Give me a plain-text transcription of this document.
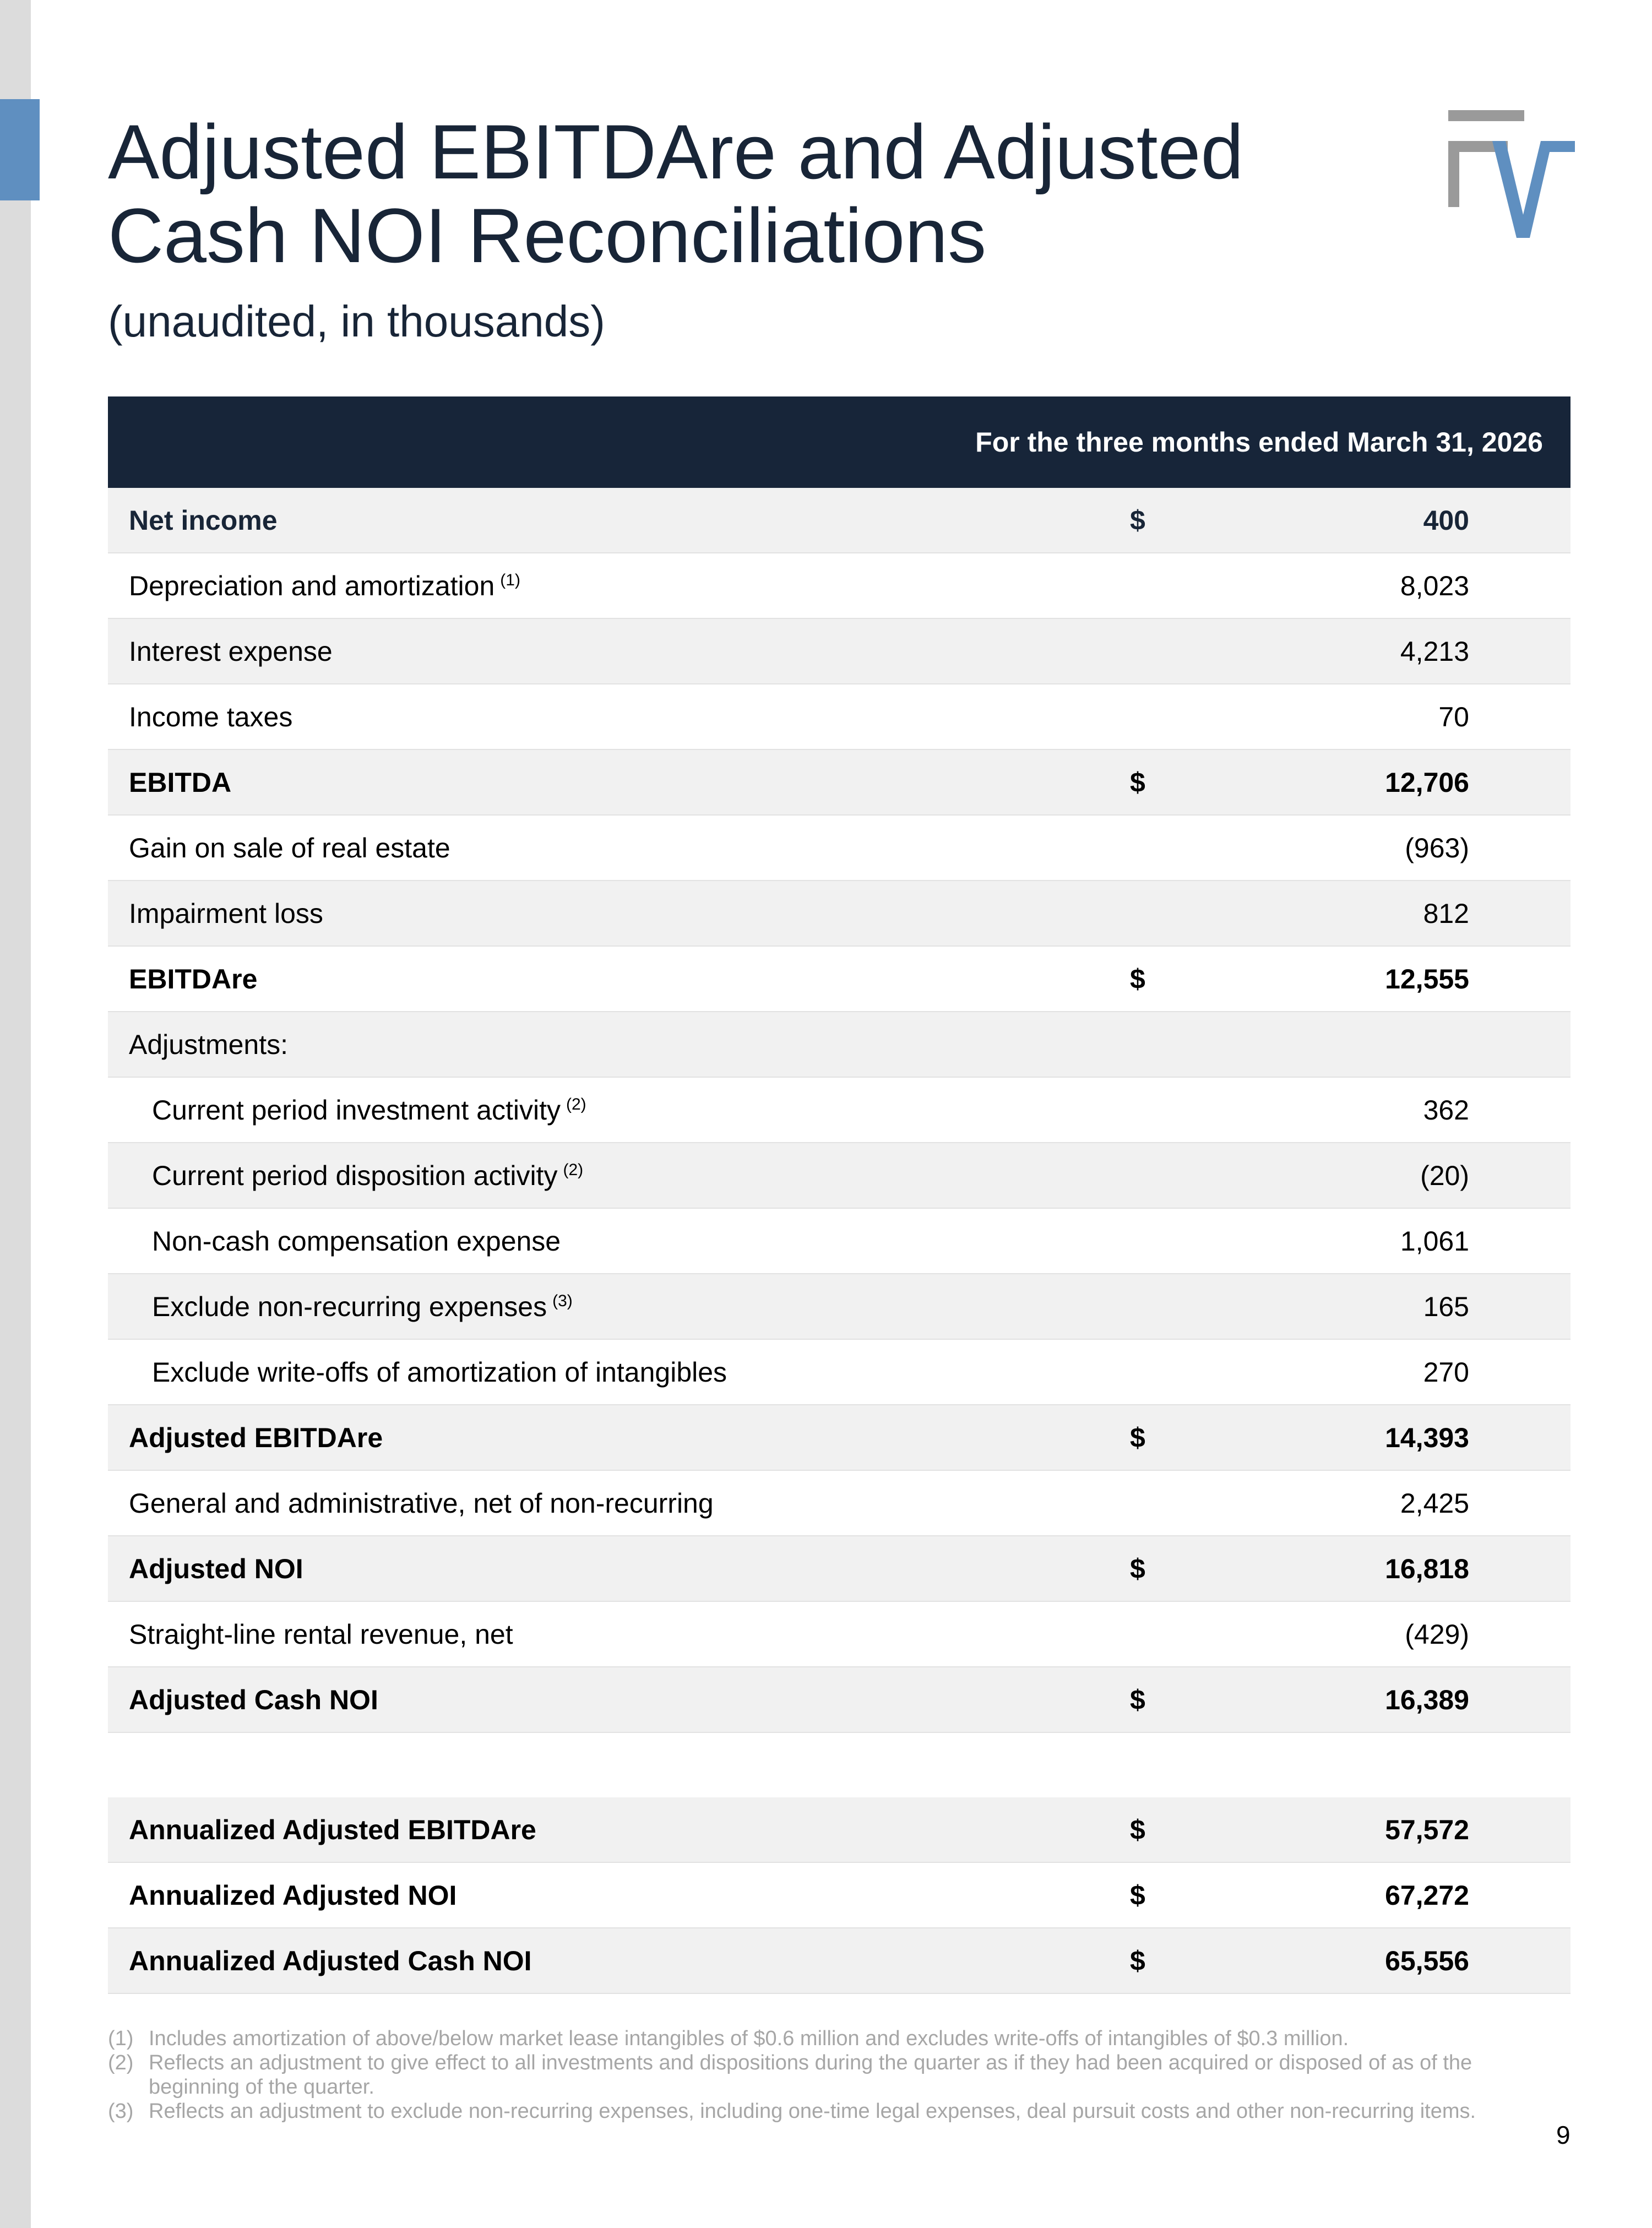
Adjusted EBITDAre and Adjusted
Cash NOI Reconciliations
(unaudited, in thousands)
For the three months ended March 31, 2026
Net income	$	400
Depreciation and amortization $^{(1)}$	8,023
Interest expense	4,213
Income taxes	70
EBITDA	$	12,706
Gain on sale of real estate	(963)
Impairment loss	812
EBITDAre	$	12,555
Adjustments:
Current period investment activity $^{(2)}$	362
Current period disposition activity $^{(2)}$	(20)
Non-cash compensation expense	1,061
Exclude non-recurring expenses $^{(3)}$	165
Exclude write-offs of amortization of intangibles	270
Adjusted EBITDAre	$	14,393
General and administrative, net of non-recurring	2,425
Adjusted NOI	$	16,818
Straight-line rental revenue, net	(429)
Adjusted Cash NOI	$	16,389
Annualized Adjusted EBITDAre	$	57,572
Annualized Adjusted NOI	$	67,272
Annualized Adjusted Cash NOI	$	65,556
(1) Includes amortization of above/below market lease intangibles of $0.6 million and excludes write-offs of intangibles of $0.3 million.
(2) Reflects an adjustment to give effect to all investments and dispositions during the quarter as if they had been acquired or disposed of as of the beginning of the quarter.
(3) Reflects an adjustment to exclude non-recurring expenses, including one-time legal expenses, deal pursuit costs and other non-recurring items.
9
